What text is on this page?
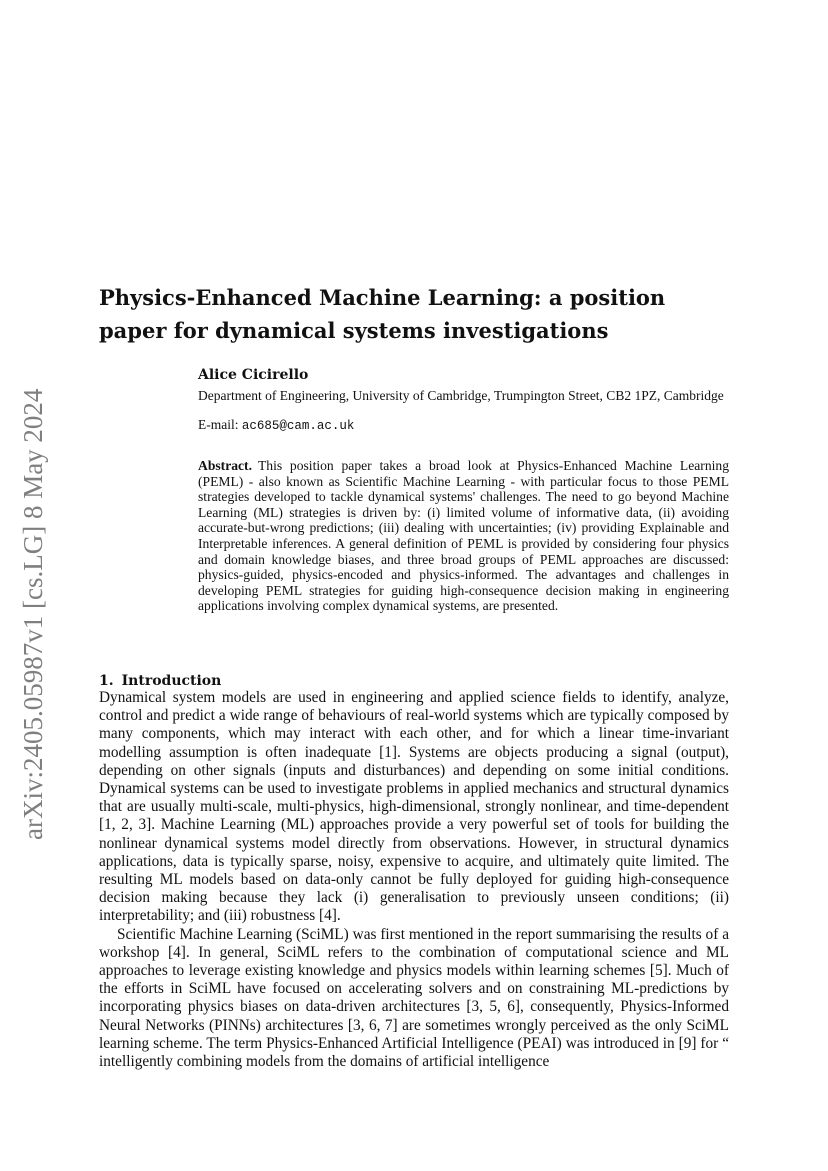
arXiv:2405.05987v1 [cs.LG] 8 May 2024
Physics-Enhanced Machine Learning: a position paper for dynamical systems investigations
Alice Cicirello

Department of Engineering, University of Cambridge, Trumpington Street, CB2 1PZ, Cambridge

E-mail: ac685@cam.ac.uk

Abstract. This position paper takes a broad look at Physics-Enhanced Machine Learning (PEML) - also known as Scientific Machine Learning - with particular focus to those PEML strategies developed to tackle dynamical systems' challenges. The need to go beyond Machine Learning (ML) strategies is driven by: (i) limited volume of informative data, (ii) avoiding accurate-but-wrong predictions; (iii) dealing with uncertainties; (iv) providing Explainable and Interpretable inferences. A general definition of PEML is provided by considering four physics and domain knowledge biases, and three broad groups of PEML approaches are discussed: physics-guided, physics-encoded and physics-informed. The advantages and challenges in developing PEML strategies for guiding high-consequence decision making in engineering applications involving complex dynamical systems, are presented.

1. Introduction

Dynamical system models are used in engineering and applied science fields to identify, analyze, control and predict a wide range of behaviours of real-world systems which are typically composed by many components, which may interact with each other, and for which a linear time-invariant modelling assumption is often inadequate [1]. Systems are objects producing a signal (output), depending on other signals (inputs and disturbances) and depending on some initial conditions. Dynamical systems can be used to investigate problems in applied mechanics and structural dynamics that are usually multi-scale, multi-physics, high-dimensional, strongly nonlinear, and time-dependent [1, 2, 3]. Machine Learning (ML) approaches provide a very powerful set of tools for building the nonlinear dynamical systems model directly from observations. However, in structural dynamics applications, data is typically sparse, noisy, expensive to acquire, and ultimately quite limited. The resulting ML models based on data-only cannot be fully deployed for guiding high-consequence decision making because they lack (i) generalisation to previously unseen conditions; (ii) interpretability; and (iii) robustness [4].

Scientific Machine Learning (SciML) was first mentioned in the report summarising the results of a workshop [4]. In general, SciML refers to the combination of computational science and ML approaches to leverage existing knowledge and physics models within learning schemes [5]. Much of the efforts in SciML have focused on accelerating solvers and on constraining ML-predictions by incorporating physics biases on data-driven architectures [3, 5, 6], consequently, Physics-Informed Neural Networks (PINNs) architectures [3, 6, 7] are sometimes wrongly perceived as the only SciML learning scheme. The term Physics-Enhanced Artificial Intelligence (PEAI) was introduced in [9] for “ intelligently combining models from the domains of artificial intelligence
